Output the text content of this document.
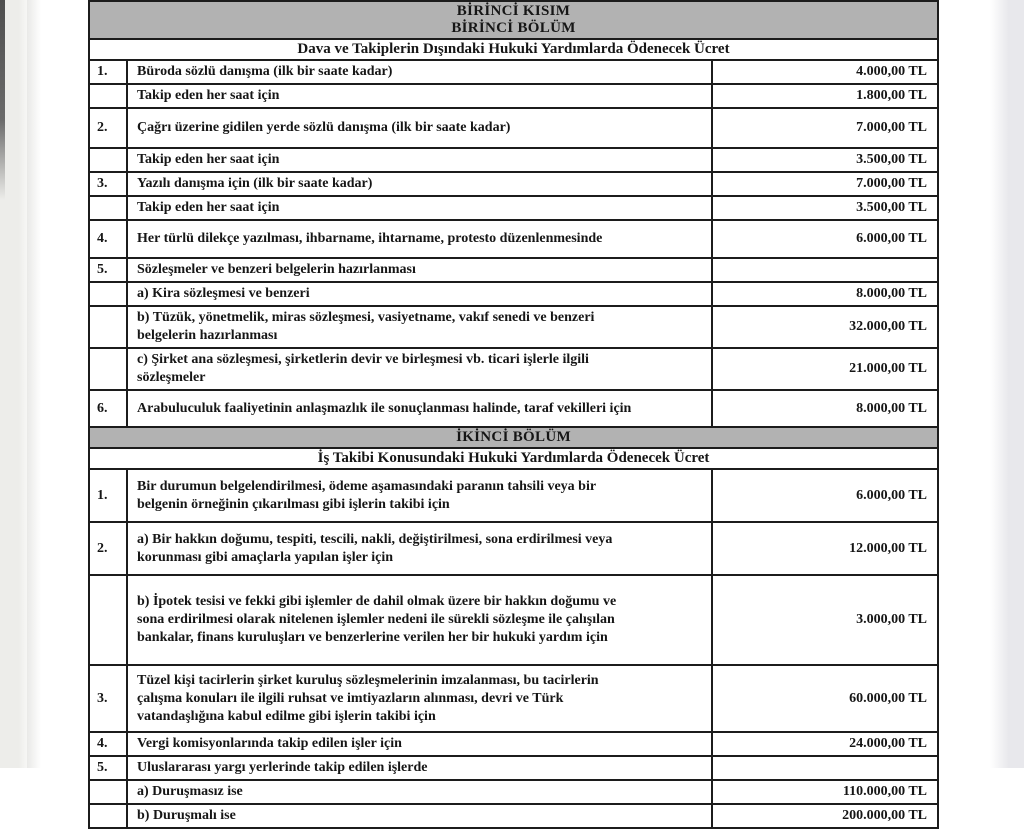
BİRİNCİ KISIM
BİRİNCİ BÖLÜM		

Dava ve Takiplerin Dışındaki Hukuki Yardımlarda Ödenecek Ücret		
1.	Büroda sözlü danışma (ilk bir saate kadar)	4.000,00 TL
	Takip eden her saat için	1.800,00 TL
2.	Çağrı üzerine gidilen yerde sözlü danışma (ilk bir saate kadar)	7.000,00 TL
	Takip eden her saat için	3.500,00 TL
3.	Yazılı danışma için (ilk bir saate kadar)	7.000,00 TL
	Takip eden her saat için	3.500,00 TL
4.	Her türlü dilekçe yazılması, ihbarname, ihtarname, protesto düzenlenmesinde	6.000,00 TL
5.	Sözleşmeler ve benzeri belgelerin hazırlanması	
	a) Kira sözleşmesi ve benzeri	8.000,00 TL
	b) Tüzük, yönetmelik, miras sözleşmesi, vasiyetname, vakıf senedi ve benzeri belgelerin hazırlanması	32.000,00 TL
	c) Şirket ana sözleşmesi, şirketlerin devir ve birleşmesi vb. ticari işlerle ilgili sözleşmeler	21.000,00 TL
6.	Arabuluculuk faaliyetinin anlaşmazlık ile sonuçlanması halinde, taraf vekilleri için	8.000,00 TL
İKİNCİ BÖLÜM		
İş Takibi Konusundaki Hukuki Yardımlarda Ödenecek Ücret		
1.	Bir durumun belgelendirilmesi, ödeme aşamasındaki paranın tahsili veya bir belgenin örneğinin çıkarılması gibi işlerin takibi için	6.000,00 TL
2.	a) Bir hakkın doğumu, tespiti, tescili, nakli, değiştirilmesi, sona erdirilmesi veya korunması gibi amaçlarla yapılan işler için	12.000,00 TL
	b) İpotek tesisi ve fekki gibi işlemler de dahil olmak üzere bir hakkın doğumu ve sona erdirilmesi olarak nitelenen işlemler nedeni ile sürekli sözleşme ile çalışılan bankalar, finans kuruluşları ve benzerlerine verilen her bir hukuki yardım için	3.000,00 TL
3.	Tüzel kişi tacirlerin şirket kuruluş sözleşmelerinin imzalanması, bu tacirlerin çalışma konuları ile ilgili ruhsat ve imtiyazların alınması, devri ve Türk vatandaşlığına kabul edilme gibi işlerin takibi için	60.000,00 TL
4.	Vergi komisyonlarında takip edilen işler için	24.000,00 TL
5.	Uluslararası yargı yerlerinde takip edilen işlerde	
	a) Duruşmasız ise	110.000,00 TL
	b) Duruşmalı ise	200.000,00 TL
